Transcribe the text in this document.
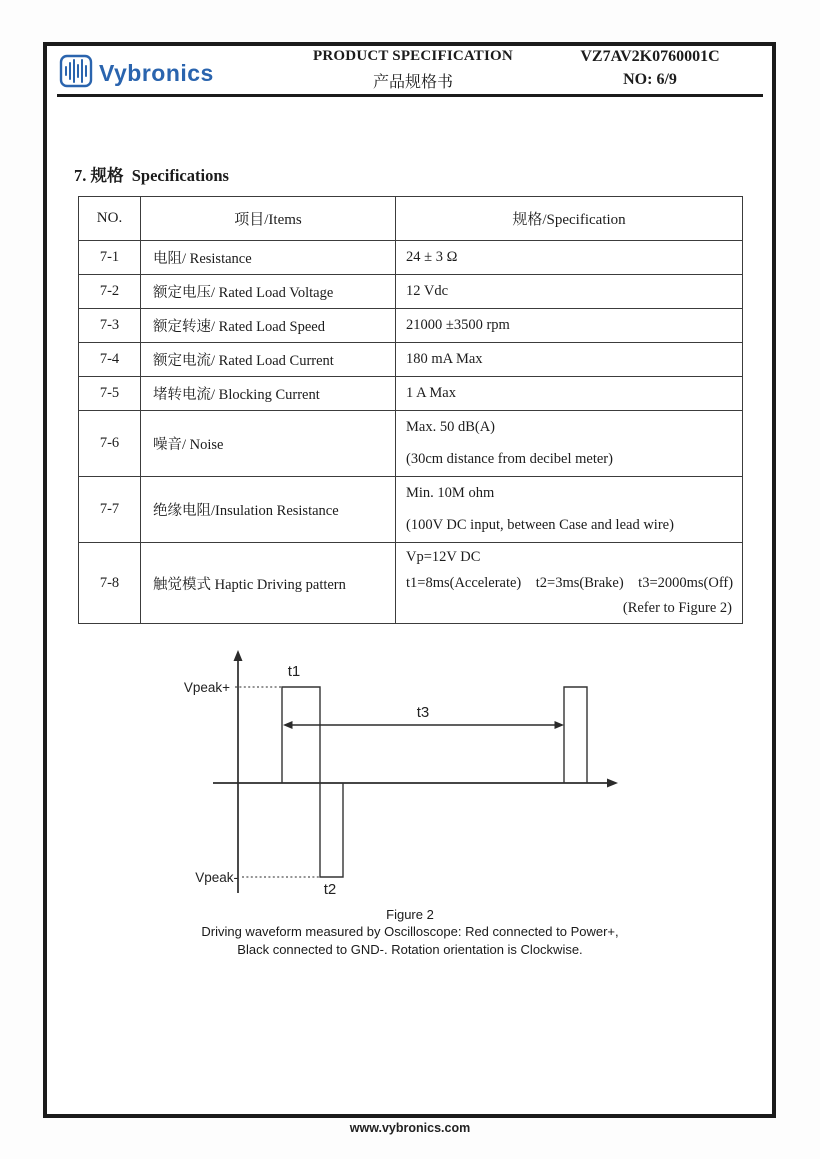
Vybronics
PRODUCT SPECIFICATION
产品规格书
VZ7AV2K0760001C
NO: 6/9
7. 规格  Specifications
NO.	项目/Items	规格/Specification
7-1	电阻/ Resistance	24 ± 3 Ω

7-2	额定电压/ Rated Load Voltage	12 Vdc

7-3	额定转速/ Rated Load Speed	21000 ±3500 rpm

7-4	额定电流/ Rated Load Current	180 mA Max

7-5	堵转电流/ Blocking Current	1 A Max

7-6	噪音/ Noise	Max. 50 dB(A)
(30cm distance from decibel meter)

7-7	绝缘电阻/Insulation Resistance	Min. 10M ohm
(100V DC input, between Case and lead wire)

7-8	触觉模式 Haptic Driving pattern	Vp=12V DC
t1=8ms(Accelerate)    t2=3ms(Brake)    t3=2000ms(Off)
(Refer to Figure 2)
Vpeak+
Vpeak-
t1
t2
t3
Figure 2
Driving waveform measured by Oscilloscope: Red connected to Power+,
Black connected to GND-. Rotation orientation is Clockwise.
www.vybronics.com
